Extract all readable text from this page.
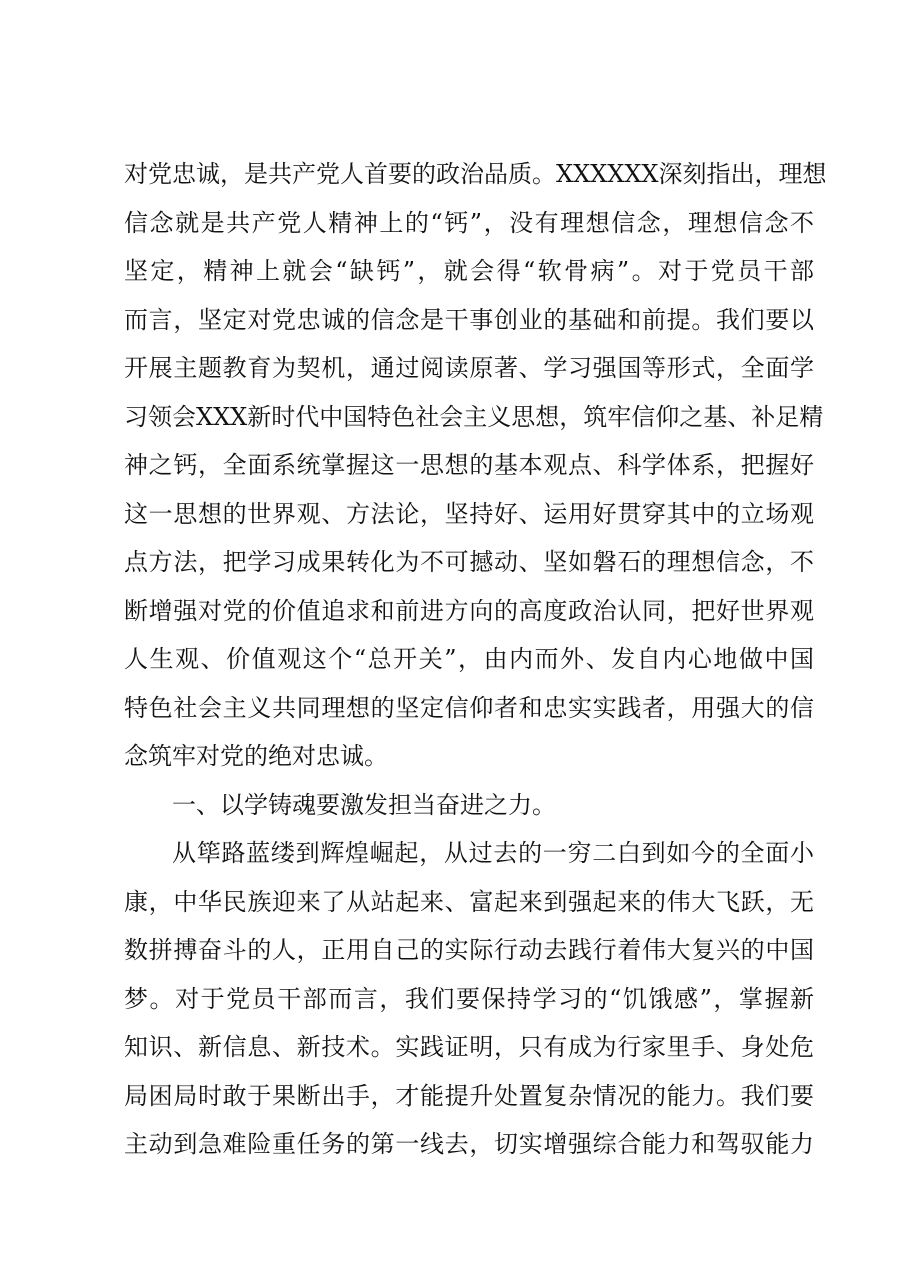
对党忠诚，是共产党人首要的政治品质。XXXXXX深刻指出，理想
信念就是共产党人精神上的“钙”，没有理想信念，理想信念不
坚定，精神上就会“缺钙”，就会得“软骨病”。对于党员干部
而言，坚定对党忠诚的信念是干事创业的基础和前提。我们要以
开展主题教育为契机，通过阅读原著、学习强国等形式，全面学
习领会XXX新时代中国特色社会主义思想，筑牢信仰之基、补足精
神之钙，全面系统掌握这一思想的基本观点、科学体系，把握好
这一思想的世界观、方法论，坚持好、运用好贯穿其中的立场观
点方法，把学习成果转化为不可撼动、坚如磐石的理想信念，不
断增强对党的价值追求和前进方向的高度政治认同，把好世界观
人生观、价值观这个“总开关”，由内而外、发自内心地做中国
特色社会主义共同理想的坚定信仰者和忠实实践者，用强大的信
念筑牢对党的绝对忠诚。
一、以学铸魂要激发担当奋进之力。
从筚路蓝缕到辉煌崛起，从过去的一穷二白到如今的全面小
康，中华民族迎来了从站起来、富起来到强起来的伟大飞跃，无
数拼搏奋斗的人，正用自己的实际行动去践行着伟大复兴的中国
梦。对于党员干部而言，我们要保持学习的“饥饿感”，掌握新
知识、新信息、新技术。实践证明，只有成为行家里手、身处危
局困局时敢于果断出手，才能提升处置复杂情况的能力。我们要
主动到急难险重任务的第一线去，切实增强综合能力和驾驭能力
